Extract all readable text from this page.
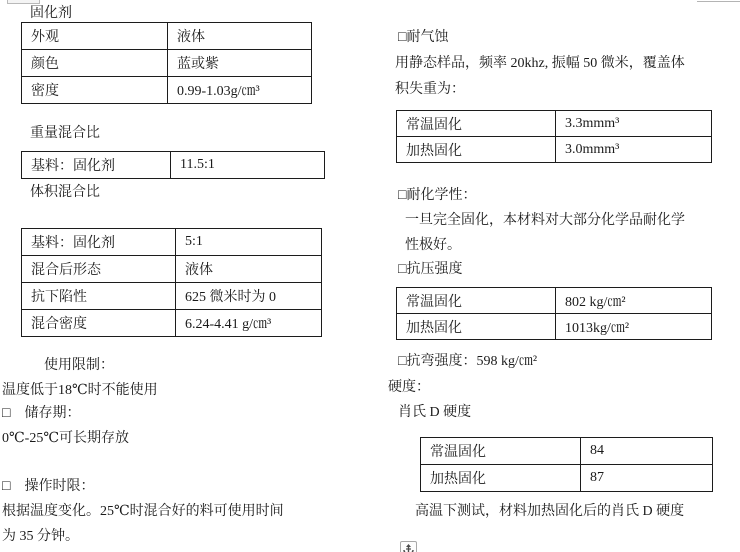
固化剂
外观	液体
颜色	蓝或紫
密度	0.99-1.03g/㎝³
重量混合比
基料：固化剂	11.5:1
体积混合比
基料：固化剂	5:1
混合后形态	液体
抗下陷性	625 微米时为 0
混合密度	6.24-4.41 g/㎝³
使用限制：
温度低于18℃时不能使用
□　储存期：
0℃-25℃可长期存放
□　操作时限：
根据温度变化。25℃时混合好的料可使用时间
为 35 分钟。
□耐气蚀
用静态样品，频率 20khz, 振幅 50 微米，覆盖体
积失重为：
常温固化	3.3mmm³
加热固化	3.0mmm³
□耐化学性：
一旦完全固化，本材料对大部分化学品耐化学
性极好。
□抗压强度
常温固化	802 kg/㎝²
加热固化	1013kg/㎝²
□抗弯强度：598 kg/㎝²
硬度：
肖氏 D 硬度
常温固化	84
加热固化	87
高温下测试，材料加热固化后的肖氏 D 硬度
